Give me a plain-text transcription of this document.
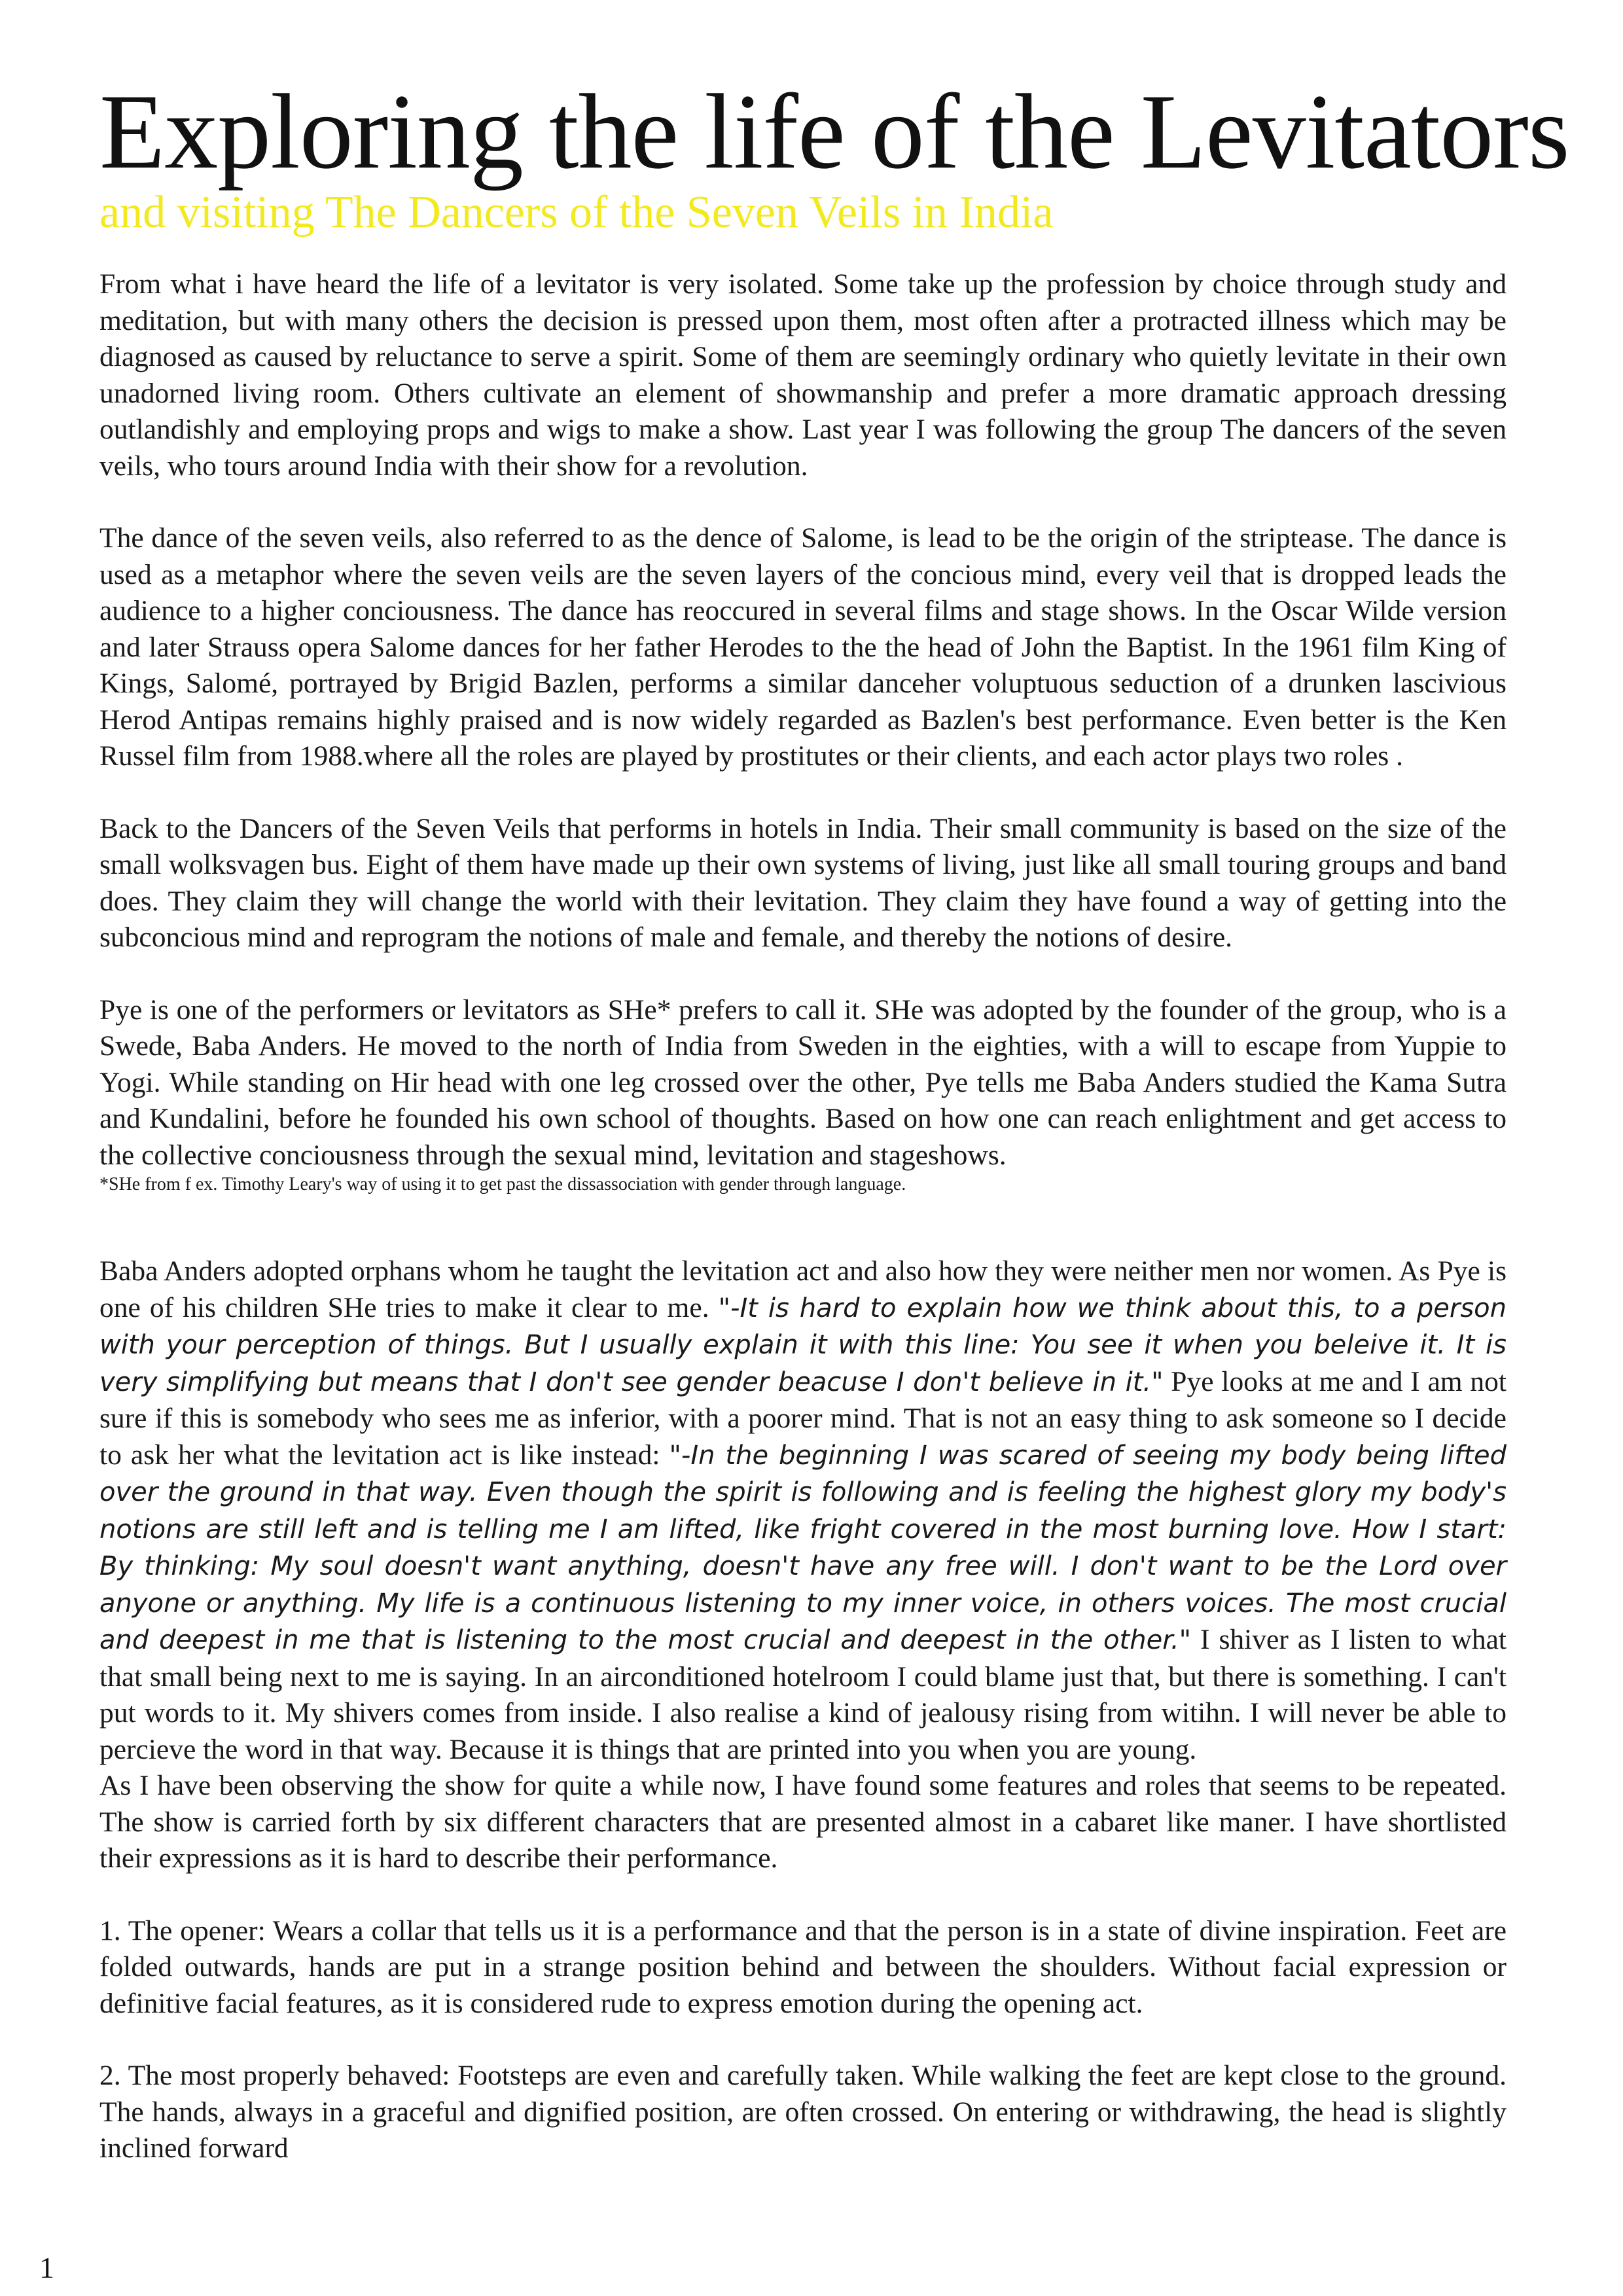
Exploring the life of the Levitators
and visiting The Dancers of the Seven Veils in India

From what i have heard the life of a levitator is very isolated. Some take up the profession by choice through study and meditation, but with many others the decision is pressed upon them, most often after a protracted illness which may be diagnosed as caused by reluctance to serve a spirit. Some of them are seemingly ordinary who quietly levitate in their own unadorned living room. Others cultivate an element of showmanship and prefer a more dramatic approach dressing outlandishly and employing props and wigs to make a show. Last year I was following the group The dancers of the seven veils, who tours around India with their show for a revolution.

The dance of the seven veils, also referred to as the dence of Salome, is lead to be the origin of the striptease. The dance is used as a metaphor where the seven veils are the seven layers of the concious mind, every veil that is dropped leads the audience to a higher conciousness. The dance has reoccured in several films and stage shows. In the Oscar Wilde version and later Strauss opera Salome dances for her father Herodes to the the head of John the Baptist. In the 1961 film King of Kings, Salomé, portrayed by Brigid Bazlen, performs a similar danceher voluptuous seduction of a drunken lascivious Herod Antipas remains highly praised and is now widely regarded as Bazlen's best performance. Even better is the Ken Russel film from 1988.where all the roles are played by prostitutes or their clients, and each actor plays two roles .

Back to the Dancers of the Seven Veils that performs in hotels in India. Their small community is based on the size of the small wolksvagen bus. Eight of them have made up their own systems of living, just like all small touring groups and band does. They claim they will change the world with their levitation. They claim they have found a way of getting into the subconcious mind and reprogram the notions of male and female, and thereby the notions of desire.

Pye is one of the performers or levitators as SHe* prefers to call it. SHe was adopted by the founder of the group, who is a Swede, Baba Anders. He moved to the north of India from Sweden in the eighties, with a will to escape from Yuppie to Yogi. While standing on Hir head with one leg crossed over the other, Pye tells me Baba Anders studied the Kama Sutra and Kundalini, before he founded his own school of thoughts. Based on how one can reach enlightment and get access to the collective conciousness through the sexual mind, levitation and stageshows.

*SHe from f ex. Timothy Leary's way of using it to get past the dissassociation with gender through language.

Baba Anders adopted orphans whom he taught the levitation act and also how they were neither men nor women. As Pye is one of his children SHe tries to make it clear to me. "-It is hard to explain how we think about this, to a person with your perception of things. But I usually explain it with this line: You see it when you beleive it. It is very simplifying but means that I don't see gender beacuse I don't believe in it." Pye looks at me and I am not sure if this is somebody who sees me as inferior, with a poorer mind. That is not an easy thing to ask someone so I decide to ask her what the levitation act is like instead: "-In the beginning I was scared of seeing my body being lifted over the ground in that way. Even though the spirit is following and is feeling the highest glory my body's notions are still left and is telling me I am lifted, like fright covered in the most burning love. How I start: By thinking: My soul doesn't want anything, doesn't have any free will. I don't want to be the Lord over anyone or anything. My life is a continuous listening to my inner voice, in others voices. The most crucial and deepest in me that is listening to the most crucial and deepest in the other." I shiver as I listen to what that small being next to me is saying. In an airconditioned hotelroom I could blame just that, but there is something. I can't put words to it. My shivers comes from inside. I also realise a kind of jealousy rising from witihn. I will never be able to percieve the word in that way. Because it is things that are printed into you when you are young.

As I have been observing the show for quite a while now, I have found some features and roles that seems to be repeated. The show is carried forth by six different characters that are presented almost in a cabaret like maner. I have shortlisted their expressions as it is hard to describe their performance.

1. The opener: Wears a collar that tells us it is a performance and that the person is in a state of divine inspiration. Feet are folded outwards, hands are put in a strange position behind and between the shoulders. Without facial expression or definitive facial features, as it is considered rude to express emotion during the opening act.

2. The most properly behaved: Footsteps are even and carefully taken. While walking the feet are kept close to the ground. The hands, always in a graceful and dignified position, are often crossed. On entering or withdrawing, the head is slightly inclined forward

1
